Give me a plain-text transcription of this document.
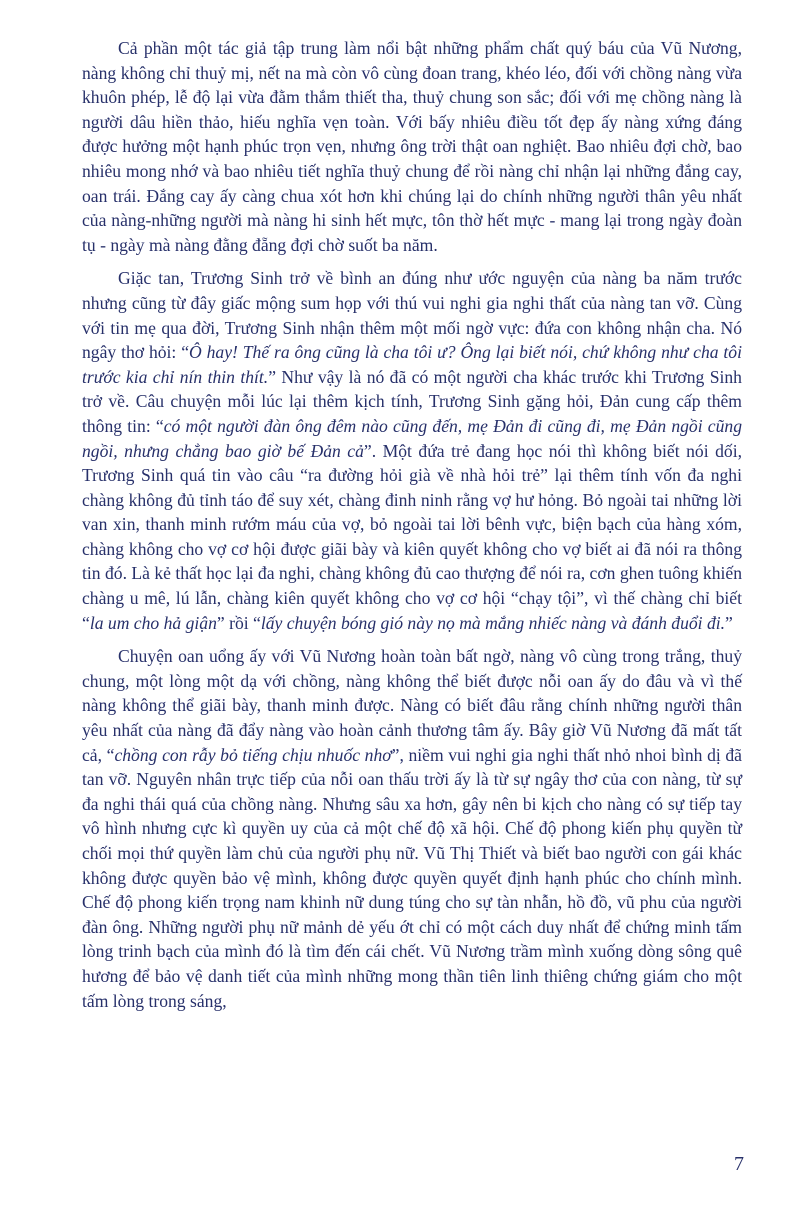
Cả phần một tác giả tập trung làm nổi bật những phẩm chất quý báu của Vũ Nương, nàng không chỉ thuỷ mị, nết na mà còn vô cùng đoan trang, khéo léo, đối với chồng nàng vừa khuôn phép, lễ độ lại vừa đằm thắm thiết tha, thuỷ chung son sắc; đối với mẹ chồng nàng là người dâu hiền thảo, hiếu nghĩa vẹn toàn. Với bấy nhiêu điều tốt đẹp ấy nàng xứng đáng được hưởng một hạnh phúc trọn vẹn, nhưng ông trời thật oan nghiệt. Bao nhiêu đợi chờ, bao nhiêu mong nhớ và bao nhiêu tiết nghĩa thuỷ chung để rồi nàng chỉ nhận lại những đắng cay, oan trái. Đắng cay ấy càng chua xót hơn khi chúng lại do chính những người thân yêu nhất của nàng-những người mà nàng hi sinh hết mực, tôn thờ hết mực - mang lại trong ngày đoàn tụ - ngày mà nàng đằng đẵng đợi chờ suốt ba năm.

Giặc tan, Trương Sinh trở về bình an đúng như ước nguyện của nàng ba năm trước nhưng cũng từ đây giấc mộng sum họp với thú vui nghi gia nghi thất của nàng tan vỡ. Cùng với tin mẹ qua đời, Trương Sinh nhận thêm một mối ngờ vực: đứa con không nhận cha. Nó ngây thơ hỏi: “Ô hay! Thế ra ông cũng là cha tôi ư? Ông lại biết nói, chứ không như cha tôi trước kia chỉ nín thin thít.” Như vậy là nó đã có một người cha khác trước khi Trương Sinh trở về. Câu chuyện mỗi lúc lại thêm kịch tính, Trương Sinh gặng hỏi, Đản cung cấp thêm thông tin: “có một người đàn ông đêm nào cũng đến, mẹ Đản đi cũng đi, mẹ Đản ngồi cũng ngồi, nhưng chẳng bao giờ bế Đản cả”. Một đứa trẻ đang học nói thì không biết nói dối, Trương Sinh quá tin vào câu “ra đường hỏi già về nhà hỏi trẻ” lại thêm tính vốn đa nghi chàng không đủ tỉnh táo để suy xét, chàng đinh ninh rằng vợ hư hỏng. Bỏ ngoài tai những lời van xin, thanh minh rướm máu của vợ, bỏ ngoài tai lời bênh vực, biện bạch của hàng xóm, chàng không cho vợ cơ hội được giãi bày và kiên quyết không cho vợ biết ai đã nói ra thông tin đó. Là kẻ thất học lại đa nghi, chàng không đủ cao thượng để nói ra, cơn ghen tuông khiến chàng u mê, lú lẫn, chàng kiên quyết không cho vợ cơ hội “chạy tội”, vì thế chàng chỉ biết “la um cho hả giận” rồi “lấy chuyện bóng gió này nọ mà mắng nhiếc nàng và đánh đuổi đi.”

Chuyện oan uổng ấy với Vũ Nương hoàn toàn bất ngờ, nàng vô cùng trong trắng, thuỷ chung, một lòng một dạ với chồng, nàng không thể biết được nỗi oan ấy do đâu và vì thế nàng không thể giãi bày, thanh minh được. Nàng có biết đâu rằng chính những người thân yêu nhất của nàng đã đẩy nàng vào hoàn cảnh thương tâm ấy. Bây giờ Vũ Nương đã mất tất cả, “chồng con rẫy bỏ tiếng chịu nhuốc nhơ”, niềm vui nghi gia nghi thất nhỏ nhoi bình dị đã tan vỡ. Nguyên nhân trực tiếp của nỗi oan thấu trời ấy là từ sự ngây thơ của con nàng, từ sự đa nghi thái quá của chồng nàng. Nhưng sâu xa hơn, gây nên bi kịch cho nàng có sự tiếp tay vô hình nhưng cực kì quyền uy của cả một chế độ xã hội. Chế độ phong kiến phụ quyền từ chối mọi thứ quyền làm chủ của người phụ nữ. Vũ Thị Thiết và biết bao người con gái khác không được quyền bảo vệ mình, không được quyền quyết định hạnh phúc cho chính mình. Chế độ phong kiến trọng nam khinh nữ dung túng cho sự tàn nhẫn, hồ đồ, vũ phu của người đàn ông. Những người phụ nữ mảnh dẻ yếu ớt chỉ có một cách duy nhất để chứng minh tấm lòng trinh bạch của mình đó là tìm đến cái chết. Vũ Nương trầm mình xuống dòng sông quê hương để bảo vệ danh tiết của mình những mong thần tiên linh thiêng chứng giám cho một tấm lòng trong sáng,

7
